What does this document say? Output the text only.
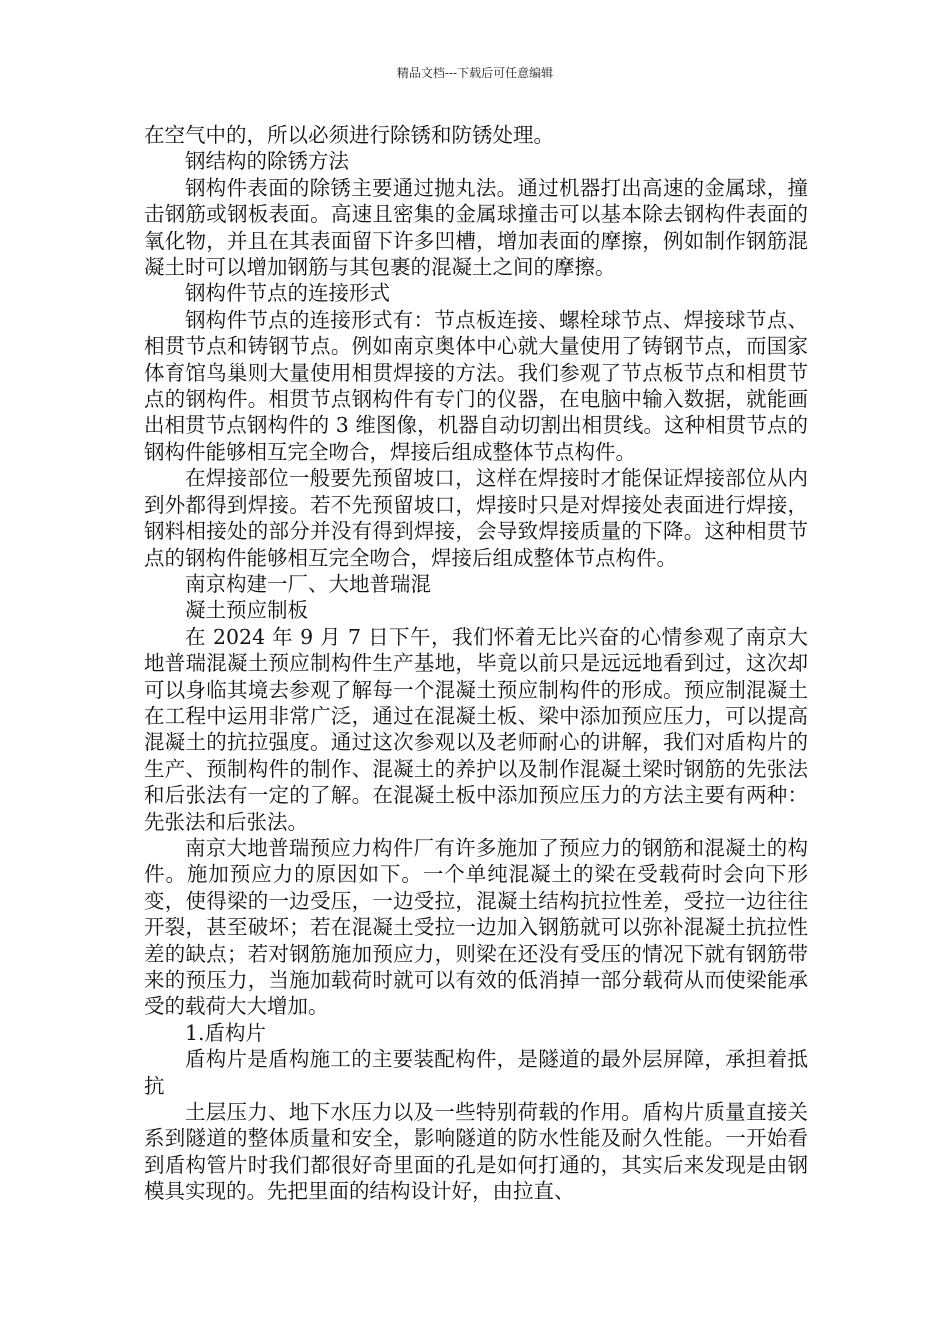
精品文档---下载后可任意编辑

在空气中的，所以必须进行除锈和防锈处理。

钢结构的除锈方法

钢构件表面的除锈主要通过抛丸法。通过机器打出高速的金属球，撞击钢筋或钢板表面。高速且密集的金属球撞击可以基本除去钢构件表面的氧化物，并且在其表面留下许多凹槽，增加表面的摩擦，例如制作钢筋混凝土时可以增加钢筋与其包裹的混凝土之间的摩擦。

钢构件节点的连接形式

钢构件节点的连接形式有：节点板连接、螺栓球节点、焊接球节点、相贯节点和铸钢节点。例如南京奥体中心就大量使用了铸钢节点，而国家体育馆鸟巢则大量使用相贯焊接的方法。我们参观了节点板节点和相贯节点的钢构件。相贯节点钢构件有专门的仪器，在电脑中输入数据，就能画出相贯节点钢构件的 3 维图像，机器自动切割出相贯线。这种相贯节点的钢构件能够相互完全吻合，焊接后组成整体节点构件。

在焊接部位一般要先预留坡口，这样在焊接时才能保证焊接部位从内到外都得到焊接。若不先预留坡口，焊接时只是对焊接处表面进行焊接，钢料相接处的部分并没有得到焊接，会导致焊接质量的下降。这种相贯节点的钢构件能够相互完全吻合，焊接后组成整体节点构件。

南京构建一厂、大地普瑞混

凝土预应制板

在 2024 年 9 月 7 日下午，我们怀着无比兴奋的心情参观了南京大地普瑞混凝土预应制构件生产基地，毕竟以前只是远远地看到过，这次却可以身临其境去参观了解每一个混凝土预应制构件的形成。预应制混凝土在工程中运用非常广泛，通过在混凝土板、梁中添加预应压力，可以提高混凝土的抗拉强度。通过这次参观以及老师耐心的讲解，我们对盾构片的生产、预制构件的制作、混凝土的养护以及制作混凝土梁时钢筋的先张法和后张法有一定的了解。在混凝土板中添加预应压力的方法主要有两种：先张法和后张法。

南京大地普瑞预应力构件厂有许多施加了预应力的钢筋和混凝土的构件。施加预应力的原因如下。一个单纯混凝土的梁在受载荷时会向下形变，使得梁的一边受压，一边受拉，混凝土结构抗拉性差，受拉一边往往开裂，甚至破坏；若在混凝土受拉一边加入钢筋就可以弥补混凝土抗拉性差的缺点；若对钢筋施加预应力，则梁在还没有受压的情况下就有钢筋带来的预压力，当施加载荷时就可以有效的低消掉一部分载荷从而使梁能承受的载荷大大增加。

1.盾构片

盾构片是盾构施工的主要装配构件，是隧道的最外层屏障，承担着抵抗

土层压力、地下水压力以及一些特别荷载的作用。盾构片质量直接关系到隧道的整体质量和安全，影响隧道的防水性能及耐久性能。一开始看到盾构管片时我们都很好奇里面的孔是如何打通的，其实后来发现是由钢模具实现的。先把里面的结构设计好，由拉直、
